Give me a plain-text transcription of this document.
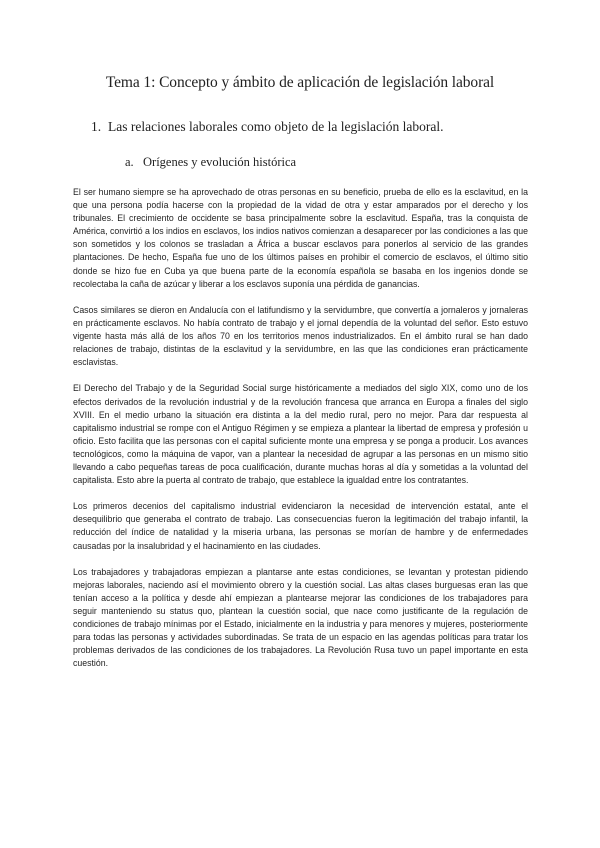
Tema 1: Concepto y ámbito de aplicación de legislación laboral
1. Las relaciones laborales como objeto de la legislación laboral.
a. Orígenes y evolución histórica

El ser humano siempre se ha aprovechado de otras personas en su beneficio, prueba de ello es la esclavitud, en la que una persona podía hacerse con la propiedad de la vidad de otra y estar amparados por el derecho y los tribunales. El crecimiento de occidente se basa principalmente sobre la esclavitud. España, tras la conquista de América, convirtió a los indios en esclavos, los indios nativos comienzan a desaparecer por las condiciones a las que son sometidos y los colonos se trasladan a África a buscar esclavos para ponerlos al servicio de las grandes plantaciones. De hecho, España fue uno de los últimos países en prohibir el comercio de esclavos, el último sitio donde se hizo fue en Cuba ya que buena parte de la economía española se basaba en los ingenios donde se recolectaba la caña de azúcar y liberar a los esclavos suponía una pérdida de ganancias.

Casos similares se dieron en Andalucía con el latifundismo y la servidumbre, que convertía a jornaleros y jornaleras en prácticamente esclavos. No había contrato de trabajo y el jornal dependía de la voluntad del señor. Esto estuvo vigente hasta más allá de los años 70 en los territorios menos industrializados. En el ámbito rural se han dado relaciones de trabajo, distintas de la esclavitud y la servidumbre, en las que las condiciones eran prácticamente esclavistas.

El Derecho del Trabajo y de la Seguridad Social surge históricamente a mediados del siglo XIX, como uno de los efectos derivados de la revolución industrial y de la revolución francesa que arranca en Europa a finales del siglo XVIII. En el medio urbano la situación era distinta a la del medio rural, pero no mejor. Para dar respuesta al capitalismo industrial se rompe con el Antiguo Régimen y se empieza a plantear la libertad de empresa y profesión u oficio. Esto facilita que las personas con el capital suficiente monte una empresa y se ponga a producir. Los avances tecnológicos, como la máquina de vapor, van a plantear la necesidad de agrupar a las personas en un mismo sitio llevando a cabo pequeñas tareas de poca cualificación, durante muchas horas al día y sometidas a la voluntad del capitalista. Esto abre la puerta al contrato de trabajo, que establece la igualdad entre los contratantes.

Los primeros decenios del capitalismo industrial evidenciaron la necesidad de intervención estatal, ante el desequilibrio que generaba el contrato de trabajo. Las consecuencias fueron la legitimación del trabajo infantil, la reducción del índice de natalidad y la miseria urbana, las personas se morían de hambre y de enfermedades causadas por la insalubridad y el hacinamiento en las ciudades.

Los trabajadores y trabajadoras empiezan a plantarse ante estas condiciones, se levantan y protestan pidiendo mejoras laborales, naciendo así el movimiento obrero y la cuestión social. Las altas clases burguesas eran las que tenían acceso a la política y desde ahí empiezan a plantearse mejorar las condiciones de los trabajadores para seguir manteniendo su status quo, plantean la cuestión social, que nace como justificante de la regulación de condiciones de trabajo mínimas por el Estado, inicialmente en la industria y para menores y mujeres, posteriormente para todas las personas y actividades subordinadas. Se trata de un espacio en las agendas políticas para tratar los problemas derivados de las condiciones de los trabajadores. La Revolución Rusa tuvo un papel importante en esta cuestión.
